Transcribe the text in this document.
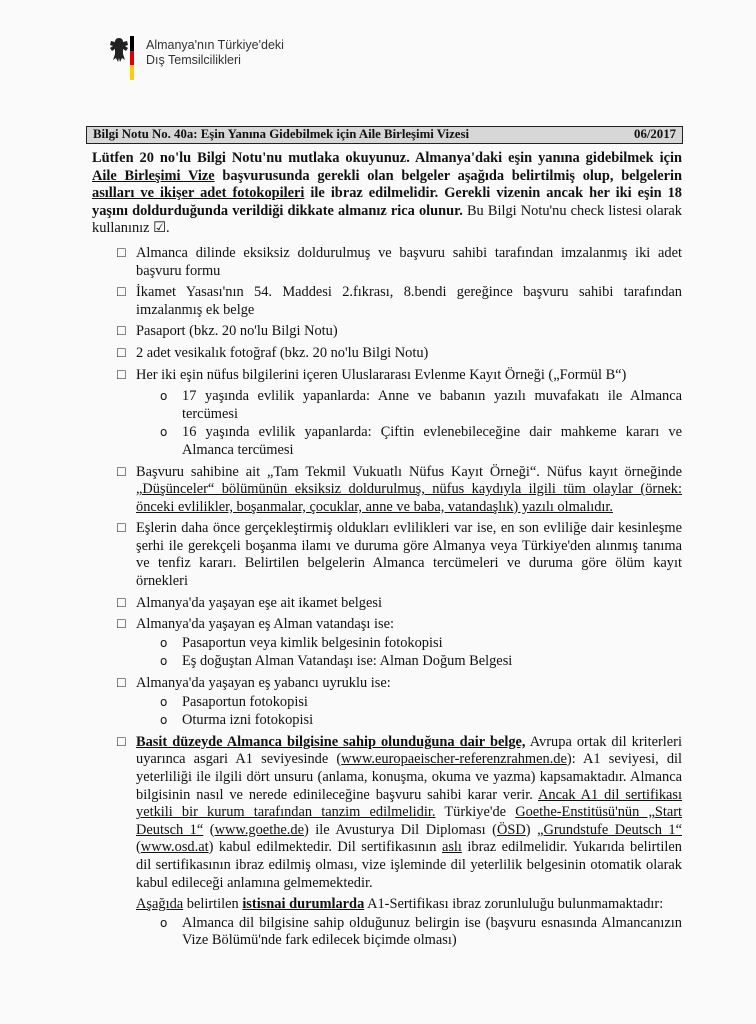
Almanya'nın Türkiye'deki
Dış Temsilcilikleri
Bilgi Notu No. 40a: Eşin Yanına Gidebilmek için Aile Birleşimi Vizesi	06/2017

Lütfen 20 no'lu Bilgi Notu'nu mutlaka okuyunuz. Almanya'daki eşin yanına gidebilmek için Aile Birleşimi Vize başvurusunda gerekli olan belgeler aşağıda belirtilmiş olup, belgelerin asılları ve ikişer adet fotokopileri ile ibraz edilmelidir. Gerekli vizenin ancak her iki eşin 18 yaşını doldurduğunda verildiği dikkate almanız rica olunur. Bu Bilgi Notu'nu check listesi olarak kullanınız ☑.

☐ Almanca dilinde eksiksiz doldurulmuş ve başvuru sahibi tarafından imzalanmış iki adet başvuru formu
☐ İkamet Yasası'nın 54. Maddesi 2.fıkrası, 8.bendi gereğince başvuru sahibi tarafından imzalanmış ek belge
☐ Pasaport (bkz. 20 no'lu Bilgi Notu)
☐ 2 adet vesikalık fotoğraf (bkz. 20 no'lu Bilgi Notu)
☐ Her iki eşin nüfus bilgilerini içeren Uluslararası Evlenme Kayıt Örneği („Formül B“)
o 17 yaşında evlilik yapanlarda: Anne ve babanın yazılı muvafakatı ile Almanca tercümesi
o 16 yaşında evlilik yapanlarda: Çiftin evlenebileceğine dair mahkeme kararı ve Almanca tercümesi
☐ Başvuru sahibine ait „Tam Tekmil Vukuatlı Nüfus Kayıt Örneği“. Nüfus kayıt örneğinde „Düşünceler“ bölümünün eksiksiz doldurulmuş, nüfus kaydıyla ilgili tüm olaylar (örnek: önceki evlilikler, boşanmalar, çocuklar, anne ve baba, vatandaşlık) yazılı olmalıdır.
☐ Eşlerin daha önce gerçekleştirmiş oldukları evlilikleri var ise, en son evliliğe dair kesinleşme şerhi ile gerekçeli boşanma ilamı ve duruma göre Almanya veya Türkiye'den alınmış tanıma ve tenfiz kararı. Belirtilen belgelerin Almanca tercümeleri ve duruma göre ölüm kayıt örnekleri
☐ Almanya'da yaşayan eşe ait ikamet belgesi
☐ Almanya'da yaşayan eş Alman vatandaşı ise:
o Pasaportun veya kimlik belgesinin fotokopisi
o Eş doğuştan Alman Vatandaşı ise: Alman Doğum Belgesi
☐ Almanya'da yaşayan eş yabancı uyruklu ise:
o Pasaportun fotokopisi
o Oturma izni fotokopisi
☐ Basit düzeyde Almanca bilgisine sahip olunduğuna dair belge, Avrupa ortak dil kriterleri uyarınca asgari A1 seviyesinde (www.europaeischer-referenzrahmen.de): A1 seviyesi, dil yeterliliği ile ilgili dört unsuru (anlama, konuşma, okuma ve yazma) kapsamaktadır. Almanca bilgisinin nasıl ve nerede edinileceğine başvuru sahibi karar verir. Ancak A1 dil sertifikası yetkili bir kurum tarafından tanzim edilmelidir. Türkiye'de Goethe-Enstitüsü'nün „Start Deutsch 1“ (www.goethe.de) ile Avusturya Dil Diploması (ÖSD) „Grundstufe Deutsch 1“ (www.osd.at) kabul edilmektedir. Dil sertifikasının aslı ibraz edilmelidir. Yukarıda belirtilen dil sertifikasının ibraz edilmiş olması, vize işleminde dil yeterlilik belgesinin otomatik olarak kabul edileceği anlamına gelmemektedir.

Aşağıda belirtilen istisnai durumlarda A1-Sertifikası ibraz zorunluluğu bulunmamaktadır:

o Almanca dil bilgisine sahip olduğunuz belirgin ise (başvuru esnasında Almancanızın Vize Bölümü'nde fark edilecek biçimde olması)
